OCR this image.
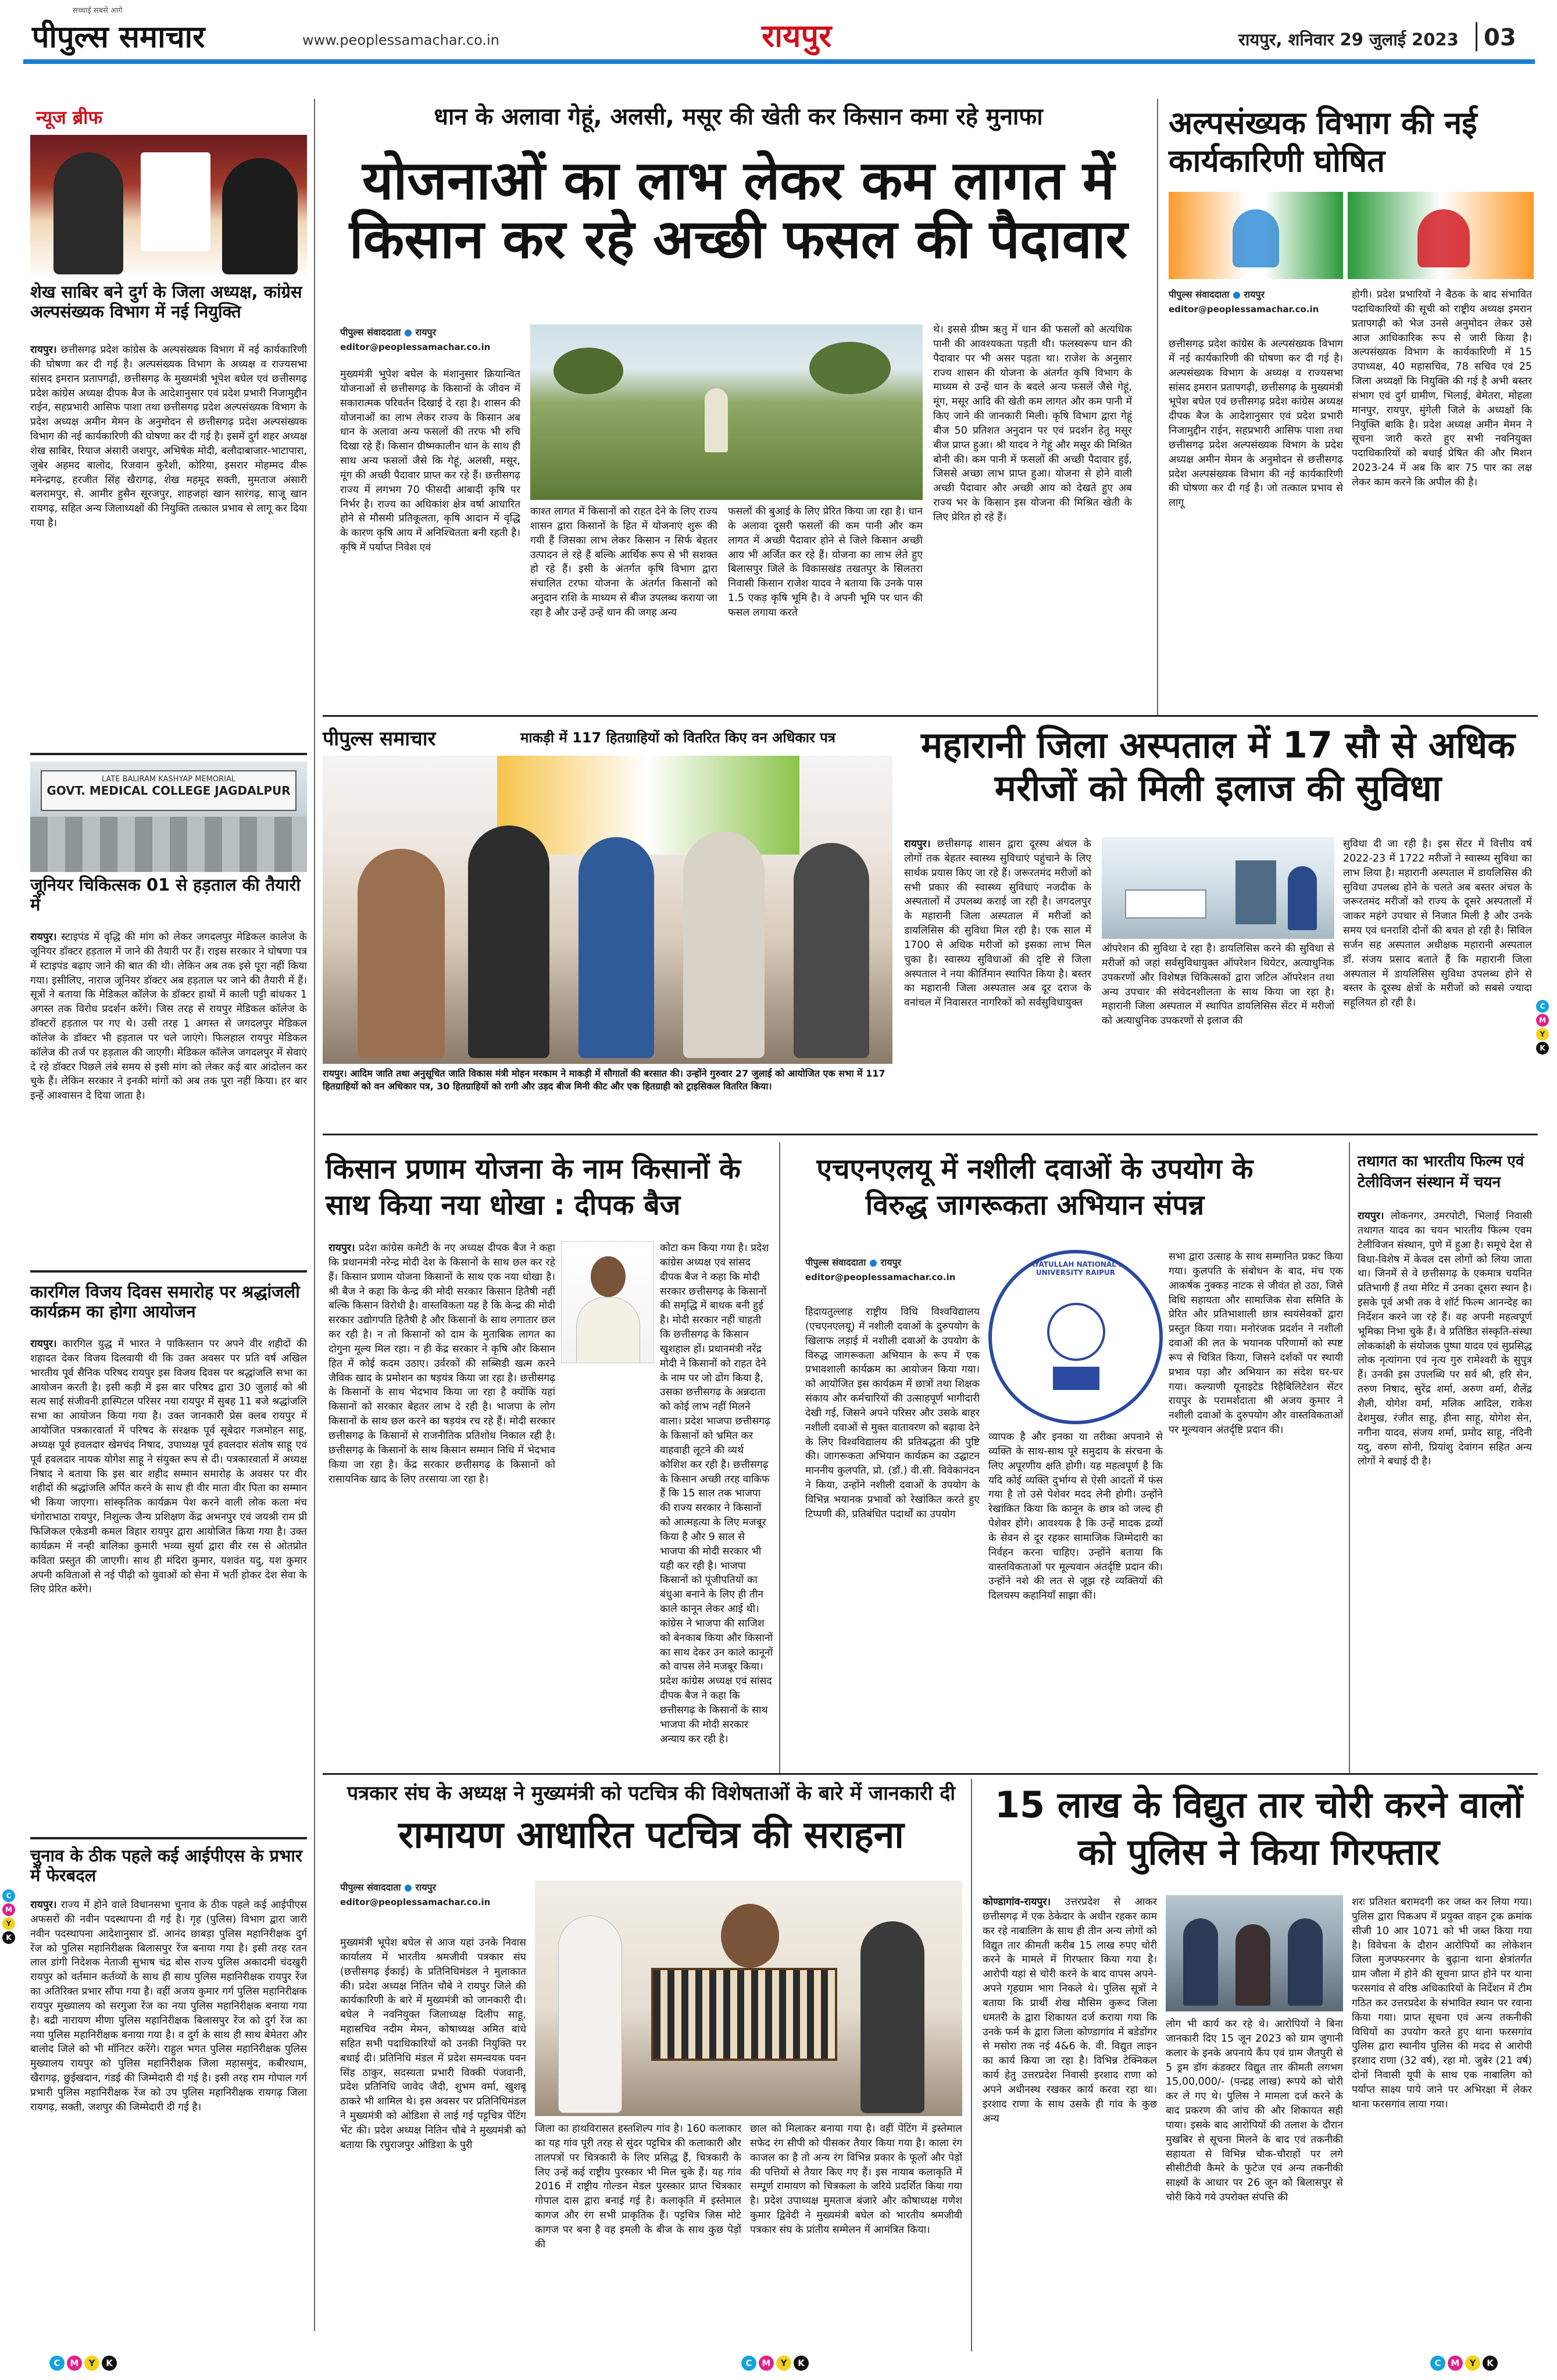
सच्चाई सबसे आगे
पीपुल्स समाचार	www.peoplessamachar.co.in	रायपुर	रायपुर, शनिवार 29 जुलाई 2023 03
न्यूज ब्रीफ
शेख साबिर बने दुर्ग के जिला अध्यक्ष, कांग्रेस अल्पसंख्यक विभाग में नई नियुक्ति
रायपुर। छत्तीसगढ़ प्रदेश कांग्रेस के अल्पसंख्यक विभाग में नई कार्यकारिणी की घोषणा कर दी गई है। अल्पसंख्यक विभाग के अध्यक्ष व राज्यसभा सांसद इमरान प्रतापगढ़ी, छत्तीसगढ़ के मुख्यमंत्री भूपेश बघेल एवं छत्तीसगढ़ प्रदेश कांग्रेस अध्यक्ष दीपक बैज के आदेशानुसार एवं प्रदेश प्रभारी निजामुद्दीन राईन, सहप्रभारी आसिफ पाशा तथा छत्तीसगढ़ प्रदेश अल्पसंख्यक विभाग के प्रदेश अध्यक्ष अमीन मेमन के अनुमोदन से छत्तीसगढ़ प्रदेश अल्पसंख्यक विभाग की नई कार्यकारिणी की घोषणा कर दी गई है। इसमें दुर्ग शहर अध्यक्ष शेख साबिर, रियाज अंसारी जशपुर, अभिषेक मोदी, बलौदाबाजार-भाटापारा, जुबेर अहमद बालोद, रिजवान कुरैशी, कोरिया, इसरार मोहम्मद वीरू मनेन्द्रगढ़, हरजीत सिंह खैरागढ़, शेख महमूद सक्ती, मुमताज अंसारी बलरामपुर, से. आमीर हुसैन सूरजपुर, शाहजहां खान सारंगढ़, साजू खान रायगढ़, सहित अन्य जिलाध्यक्षों की नियुक्ति तत्काल प्रभाव से लागू कर दिया गया है।
LATE BALIRAM KASHYAP MEMORIAL
GOVT. MEDICAL COLLEGE JAGDALPUR
जूनियर चिकित्सक 01 से हड़ताल की तैयारी में
रायपुर। स्टाइपंड में वृद्धि की मांग को लेकर जगदलपुर मेडिकल कालेज के जूनियर डॉक्टर हड़ताल में जाने की तैयारी पर हैं। राइस सरकार ने घोषणा पत्र में स्टाइपंड बढ़ाए जाने की बात की थी। लेकिन अब तक इसे पूरा नहीं किया गया। इसीलिए, नाराज जूनियर डॉक्टर अब हड़ताल पर जाने की तैयारी में हैं। सूत्रों ने बताया कि मेडिकल कॉलेज के डॉक्टर हाथों में काली पट्टी बांधकर 1 अगस्त तक विरोध प्रदर्शन करेंगे। जिस तरह से रायपुर मेडिकल कॉलेज के डॉक्टरों हड़ताल पर गए थे। उसी तरह 1 अगस्त से जगदलपुर मेडिकल कॉलेज के डॉक्टर भी हड़ताल पर चले जाएंगे। फिलहाल रायपुर मेडिकल कॉलेज की तर्ज पर हड़ताल की जाएगी। मेडिकल कॉलेज जगदलपुर में सेवाएं दे रहे डॉक्टर पिछले लंबे समय से इसी मांग को लेकर कई बार आंदोलन कर चुके हैं। लेकिन सरकार ने इनकी मांगों को अब तक पूरा नहीं किया। हर बार इन्हें आश्वासन दे दिया जाता है।
कारगिल विजय दिवस समारोह पर श्रद्धांजली कार्यक्रम का होगा आयोजन
रायपुर। कारगिल युद्ध में भारत ने पाकिस्तान पर अपने वीर शहीदों की शहादत देकर विजय दिलवायी थी कि उक्त अवसर पर प्रति वर्ष अखिल भारतीय पूर्व सैनिक परिषद रायपुर इस विजय दिवस पर श्रद्धांजलि सभा का आयोजन करती है। इसी कड़ी में इस बार परिषद द्वारा 30 जुलाई को श्री सत्य साई संजीवनी हास्पिटल परिसर नया रायपुर में सुबह 11 बजे श्रद्धांजलि सभा का आयोजन किया गया है। उक्त जानकारी प्रेस क्लब रायपुर में आयोजित पत्रकारवार्ता में परिषद के संरक्षक पूर्व सूबेदार गजमोहन साहू, अध्यक्ष पूर्व हवलदार खेमचंद निषाद, उपाध्यक्ष पूर्व हवलदार संतोष साहू एवं पूर्व हवलदार नायक योगेश साहू ने संयुक्त रूप से दी। पत्रकारवार्ता में अध्यक्ष निषाद ने बताया कि इस बार शहीद सम्मान समारोह के अवसर पर वीर शहीदों की श्रद्धांजलि अर्पित करने के साथ ही वीर माता वीर पिता का सम्मान भी किया जाएगा। सांस्कृतिक कार्यक्रम पेश करने वाली लोक कला मंच चंगोराभाठा रायपुर, निशुल्क जैन्य प्रशिक्षण केंद्र अभनपुर एवं जयश्री राम प्री फिजिकल एकेडमी कमल विहार रायपुर द्वारा आयोजित किया गया है। उक्त कार्यक्रम में नन्ही बालिका कुमारी भव्या सुर्या द्वारा वीर रस से ओतप्रोत कविता प्रस्तुत की जाएगी। साथ ही मंदिरा कुमार, यशवंत यदु, यश कुमार अपनी कविताओं से नई पीढ़ी को युवाओं को सेना में भर्ती होकर देश सेवा के लिए प्रेरित करेंगे।
चुनाव के ठीक पहले कई आईपीएस के प्रभार में फेरबदल
रायपुर। राज्य में होने वाले विधानसभा चुनाव के ठीक पहले कई आईपीएस अफसरों की नवीन पदस्थापना दी गई है। गृह (पुलिस) विभाग द्वारा जारी नवीन पदस्थापना आदेशानुसार डॉ. आनंद छाबड़ा पुलिस महानिरीक्षक दुर्ग रेंज को पुलिस महानिरीक्षक बिलासपुर रेंज बनाया गया है। इसी तरह रतन लाल डांगी निदेशक नेताजी सुभाष चंद्र बोस राज्य पुलिस अकादमी चंदखुरी रायपुर को वर्तमान कर्तव्यों के साथ ही साथ पुलिस महानिरीक्षक रायपुर रेंज का अतिरिक्त प्रभार सौंपा गया है। वहीं अजय कुमार गर्ग पुलिस महानिरीक्षक रायपुर मुख्यालय को सरगुजा रेंज का नया पुलिस महानिरीक्षक बनाया गया है। बद्री नारायण मीणा पुलिस महानिरीक्षक बिलासपुर रेंज को दुर्ग रेंज का नया पुलिस महानिरीक्षक बनाया गया है। व दुर्ग के साथ ही साथ बेमेतरा और बालोद जिले को भी मॉनिटर करेंगे। राहुल भगत पुलिस महानिरीक्षक पुलिस मुख्यालय रायपुर को पुलिस महानिरीक्षक जिला महासमुंद, कबीरधाम, खैरागढ़, छुईखदान, गंडई की जिम्मेदारी दी गई है। इसी तरह राम गोपाल गर्ग प्रभारी पुलिस महानिरीक्षक रेंज को उप पुलिस महानिरीक्षक रायगढ़ जिला रायगढ़, सक्ती, जशपुर की जिम्मेदारी दी गई है।
धान के अलावा गेहूं, अलसी, मसूर की खेती कर किसान कमा रहे मुनाफा
योजनाओं का लाभ लेकर कम लागत में किसान कर रहे अच्छी फसल की पैदावार
पीपुल्स संवाददाता ● रायपुर
editor@peoplessamachar.co.in
मुख्यमंत्री भूपेश बघेल के मंशानुसार क्रियान्वित योजनाओं से छत्तीसगढ़ के किसानों के जीवन में सकारात्मक परिवर्तन दिखाई दे रहा है। शासन की योजनाओं का लाभ लेकर राज्य के किसान अब धान के अलावा अन्य फसलों की तरफ भी रुचि दिखा रहे हैं। किसान ग्रीष्मकालीन धान के साथ ही साथ अन्य फसलों जैसे कि गेहूं, अलसी, मसूर, मूंग की अच्छी पैदावार प्राप्त कर रहे हैं। छत्तीसगढ़ राज्य में लगभग 70 फीसदी आबादी कृषि पर निर्भर है। राज्य का अधिकांश क्षेत्र वर्षा आधारित होने से मौसमी प्रतिकूलता, कृषि आदान में वृद्धि के कारण कृषि आय में अनिश्चितता बनी रहती है। कृषि में पर्याप्त निवेश एवं
काश्त लागत में किसानों को राहत देने के लिए राज्य शासन द्वारा किसानों के हित में योजनाएं शुरू की गयी हैं जिसका लाभ लेकर किसान न सिर्फ बेहतर उत्पादन ले रहे हैं बल्कि आर्थिक रूप से भी सशक्त हो रहे हैं। इसी के अंतर्गत कृषि विभाग द्वारा संचालित टरफा योजना के अंतर्गत किसानों को अनुदान राशि के माध्यम से बीज उपलब्ध कराया जा रहा है और उन्हें उन्हें धान की जगह अन्य
फसलों की बुआई के लिए प्रेरित किया जा रहा है। धान के अलावा दूसरी फसलों की कम पानी और कम लागत में अच्छी पैदावार होने से जिले किसान अच्छी आय भी अर्जित कर रहे हैं। योजना का लाभ लेते हुए बिलासपुर जिले के विकासखंड तखतपुर के सिलतरा निवासी किसान राजेश यादव ने बताया कि उनके पास 1.5 एकड़ कृषि भूमि है। वे अपनी भूमि पर धान की फसल लगाया करते
थे। इससे ग्रीष्म ऋतु में धान की फसलों को अत्यधिक पानी की आवश्यकता पड़ती थी। फलस्वरूप धान की पैदावार पर भी असर पड़ता था। राजेश के अनुसार राज्य शासन की योजना के अंतर्गत कृषि विभाग के माध्यम से उन्हें धान के बदले अन्य फसलें जैसे गेहूं, मूंग, मसूर आदि की खेती कम लागत और कम पानी में किए जाने की जानकारी मिली। कृषि विभाग द्वारा गेहूं बीज 50 प्रतिशत अनुदान पर एवं प्रदर्शन हेतु मसूर बीज प्राप्त हुआ। श्री यादव ने गेहूं और मसूर की मिश्रित बोनी की। कम पानी में फसलों की अच्छी पैदावार हुई, जिससे अच्छा लाभ प्राप्त हुआ। योजना से होने वाली अच्छी पैदावार और अच्छी आय को देखते हुए अब राज्य भर के किसान इस योजना की मिश्रित खेती के लिए प्रेरित हो रहे हैं।
अल्पसंख्यक विभाग की नई कार्यकारिणी घोषित
पीपुल्स संवाददाता ● रायपुर
editor@peoplessamachar.co.in
छत्तीसगढ़ प्रदेश कांग्रेस के अल्पसंख्यक विभाग में नई कार्यकारिणी की घोषणा कर दी गई है। अल्पसंख्यक विभाग के अध्यक्ष व राज्यसभा सांसद इमरान प्रतापगढ़ी, छत्तीसगढ़ के मुख्यमंत्री भूपेश बघेल एवं छत्तीसगढ़ प्रदेश कांग्रेस अध्यक्ष दीपक बैज के आदेशानुसार एवं प्रदेश प्रभारी निजामुद्दीन राईन, सहप्रभारी आसिफ पाशा तथा छत्तीसगढ़ प्रदेश अल्पसंख्यक विभाग के प्रदेश अध्यक्ष अमीन मेमन के अनुमोदन से छत्तीसगढ़ प्रदेश अल्पसंख्यक विभाग की नई कार्यकारिणी की घोषणा कर दी गई है। जो तत्काल प्रभाव से लागू
होगी। प्रदेश प्रभारियों ने बैठक के बाद संभावित पदाधिकारियों की सूची को राष्ट्रीय अध्यक्ष इमरान प्रतापगढ़ी को भेज उनसे अनुमोदन लेकर उसे आज आधिकारिक रूप से जारी किया है। अल्पसंख्यक विभाग के कार्यकारिणी में 15 उपाध्यक्ष, 40 महासचिव, 78 सचिव एवं 25 जिला अध्यक्षों कि नियुक्ति की गई है अभी बस्तर संभाग एवं दुर्ग ग्रामीण, भिलाई, बेमेतरा, मोहला मानपुर, रायपुर, मुंगेली जिले के अध्यक्षों कि नियुक्ति बाकि है। प्रदेश अध्यक्ष अमीन मेमन ने सूचना जारी करते हुए सभी नवनियुक्त पदाधिकारियों को बधाई प्रेषित की और मिशन 2023-24 में अब कि बार 75 पार का लक्ष लेकर काम करने कि अपील की है।
पीपुल्स समाचार	माकड़ी में 117 हितग्राहियों को वितरित किए वन अधिकार पत्र
रायपुर। आदिम जाति तथा अनुसूचित जाति विकास मंत्री मोहन मरकाम ने माकड़ी में सौगातों की बरसात की। उन्होंने गुरुवार 27 जुलाई को आयोजित एक सभा में 117 हितग्राहियों को वन अधिकार पत्र, 30 हितग्राहियों को रागी और उड़द बीज मिनी कीट और एक हितग्राही को ट्राइसिकल वितरित किया।
महारानी जिला अस्पताल में 17 सौ से अधिक मरीजों को मिली इलाज की सुविधा
रायपुर। छत्तीसगढ़ शासन द्वारा दूरस्थ अंचल के लोगों तक बेहतर स्वास्थ्य सुविधाएं पहुंचाने के लिए सार्थक प्रयास किए जा रहे हैं। जरूरतमंद मरीजों को सभी प्रकार की स्वास्थ्य सुविधाएं नजदीक के अस्पतालों में उपलब्ध कराई जा रही है। जगदलपुर के महारानी जिला अस्पताल में मरीजों को डायलिसिस की सुविधा मिल रही है। एक साल में 1700 से अधिक मरीजों को इसका लाभ मिल चुका है। स्वास्थ्य सुविधाओं की दृष्टि से जिला अस्पताल ने नया कीर्तिमान स्थापित किया है। बस्तर का महारानी जिला अस्पताल अब दूर दराज के वनांचल में निवासरत नागरिकों को सर्वसुविधायुक्त
ऑपरेशन की सुविधा दे रहा है। डायलिसिस करने की सुविधा से मरीजों को जहां सर्वसुविधायुक्त ऑपरेशन थियेटर, अत्याधुनिक उपकरणों और विशेषज्ञ चिकित्सकों द्वारा जटिल ऑपरेशन तथा अन्य उपचार की संवेदनशीलता के साथ किया जा रहा है। महारानी जिला अस्पताल में स्थापित डायलिसिस सेंटर में मरीजों को अत्याधुनिक उपकरणों से इलाज की
सुविधा दी जा रही है। इस सेंटर में वित्तीय वर्ष 2022-23 में 1722 मरीजों ने स्वास्थ्य सुविधा का लाभ लिया है। महारानी अस्पताल में डायलिसिस की सुविधा उपलब्ध होने के चलते अब बस्तर अंचल के जरूरतमंद मरीजों को राज्य के दूसरे अस्पतालों में जाकर महंगे उपचार से निजात मिली है और उनके समय एवं धनराशि दोनों की बचत हो रही है। सिविल सर्जन सह अस्पताल अधीक्षक महारानी अस्पताल डॉ. संजय प्रसाद बताते हैं कि महारानी जिला अस्पताल में डायलिसिस सुविधा उपलब्ध होने से बस्तर के दूरस्थ क्षेत्रों के मरीजों को सबसे ज्यादा सहूलियत हो रही है।
किसान प्रणाम योजना के नाम किसानों के साथ किया नया धोखा : दीपक बैज
रायपुर। प्रदेश कांग्रेस कमेटी के नए अध्यक्ष दीपक बैज ने कहा कि प्रधानमंत्री नरेन्द्र मोदी देश के किसानों के साथ छल कर रहे हैं। किसान प्रणाम योजना किसानों के साथ एक नया धोखा है। श्री बैज ने कहा कि केन्द्र की मोदी सरकार किसान हितैषी नहीं बल्कि किसान विरोधी है। वास्तविकता यह है कि केन्द्र की मोदी सरकार उद्योगपति हितैषी है और किसानों के साथ लगातार छल कर रही है। न तो किसानों को दाम के मुताबिक लागत का दोगुना मूल्य मिल रहा। न ही केंद्र सरकार ने कृषि और किसान हित में कोई कदम उठाए। उर्वरकों की सब्सिडी खत्म करने जैविक खाद के प्रमोशन का षड़यंत्र किया जा रहा है। छत्तीसगढ़ के किसानों के साथ भेदभाव किया जा रहा है क्योंकि यहां किसानों को सरकार बेहतर लाभ दे रही है। भाजपा के लोग किसानों के साथ छल करने का षड़यंत्र रच रहे हैं। मोदी सरकार छत्तीसगढ़ के किसानों से राजनीतिक प्रतिशोध निकाल रही है। छत्तीसगढ़ के किसानों के साथ किसान सम्मान निधि में भेदभाव किया जा रहा है। केंद्र सरकार छत्तीसगढ़ के किसानों को रासायनिक खाद के लिए तरसाया जा रहा है।
कोटा कम किया गया है। प्रदेश कांग्रेस अध्यक्ष एवं सांसद दीपक बैज ने कहा कि मोदी सरकार छत्तीसगढ़ के किसानों की समृद्धि में बाधक बनी हुई है। मोदी सरकार नहीं चाहती कि छत्तीसगढ़ के किसान खुशहाल हों। प्रधानमंत्री नरेंद्र मोदी ने किसानों को राहत देने के नाम पर जो ढोंग किया है, उसका छत्तीसगढ़ के अन्नदाता को कोई लाभ नहीं मिलने वाला। प्रदेश भाजपा छत्तीसगढ़ के किसानों को भ्रमित कर वाहवाही लूटने की व्यर्थ कोशिश कर रही है। छत्तीसगढ़ के किसान अच्छी तरह वाकिफ हैं कि 15 साल तक भाजपा की राज्य सरकार ने किसानों को आत्महत्या के लिए मजबूर किया है और 9 साल से भाजपा की मोदी सरकार भी यही कर रही है। भाजपा किसानों को पूंजीपतियों का बंधुआ बनाने के लिए ही तीन काले कानून लेकर आई थी। कांग्रेस ने भाजपा की साजिश को बेनकाब किया और किसानों का साथ देकर उन काले कानूनों को वापस लेने मजबूर किया। प्रदेश कांग्रेस अध्यक्ष एवं सांसद दीपक बैज ने कहा कि छत्तीसगढ़ के किसानों के साथ भाजपा की मोदी सरकार अन्याय कर रही है।
एचएनएलयू में नशीली दवाओं के उपयोग के विरुद्ध जागरूकता अभियान संपन्न
पीपुल्स संवाददाता ● रायपुर
editor@peoplessamachar.co.in
हिदायतुल्लाह राष्ट्रीय विधि विश्वविद्यालय (एचएनएलयू) में नशीली दवाओं के दुरुपयोग के खिलाफ लड़ाई में नशीली दवाओं के उपयोग के विरुद्ध जागरूकता अभियान के रूप में एक प्रभावशाली कार्यक्रम का आयोजन किया गया। को आयोजित इस कार्यक्रम में छात्रों तथा शिक्षक संकाय और कर्मचारियों की उत्साहपूर्ण भागीदारी देखी गई, जिसने अपने परिसर और उसके बाहर नशीली दवाओं से मुक्त वातावरण को बढ़ावा देने के लिए विश्वविद्यालय की प्रतिबद्धता की पुष्टि की। जागरूकता अभियान कार्यक्रम का उद्घाटन माननीय कुलपति, प्रो. (डॉ.) वी.सी. विवेकानंदन ने किया, उन्होंने नशीली दवाओं के उपयोग के विभिन्न भयानक प्रभावों को रेखांकित करते हुए टिप्पणी की, प्रतिबंधित पदार्थों का उपयोग
HIDAYATULLAH NATIONAL LAW UNIVERSITY RAIPUR
व्यापक है और इनका या तरीका अपनाने से व्यक्ति के साथ-साथ पूरे समुदाय के संरचना के लिए अपूरणीय क्षति होगी। यह महत्वपूर्ण है कि यदि कोई व्यक्ति दुर्भाग्य से ऐसी आदतों में फंस गया है तो उसे पेशेवर मदद लेनी होगी। उन्होंने रेखांकित किया कि कानून के छात्र को जल्द ही पेशेवर होंगे। आवश्यक है कि उन्हें मादक द्रव्यों के सेवन से दूर रहकर सामाजिक जिम्मेदारी का निर्वहन करना चाहिए। उन्होंने बताया कि वास्तविकताओं पर मूल्यवान अंतर्दृष्टि प्रदान की। उन्होंने नशे की लत से जूझ रहे व्यक्तियों की दिलचस्प कहानियाँ साझा कीं।
सभा द्वारा उत्साह के साथ सम्मानित प्रकट किया गया। कुलपति के संबोधन के बाद, मंच एक आकर्षक नुक्कड़ नाटक से जीवंत हो उठा, जिसे विधि सहायता और सामाजिक सेवा समिति के प्रेरित और प्रतिभाशाली छात्र स्वयंसेवकों द्वारा प्रस्तुत किया गया। मनोरंजक प्रदर्शन ने नशीली दवाओं की लत के भयानक परिणामों को स्पष्ट रूप से चित्रित किया, जिसने दर्शकों पर स्थायी प्रभाव पड़ा और अभियान का संदेश घर-घर गया। कल्याणी यूनाइटेड रिहैबिलिटेशन सेंटर रायपुर के परामर्शदाता श्री अजय कुमार ने नशीली दवाओं के दुरुपयोग और वास्तविकताओं पर मूल्यवान अंतर्दृष्टि प्रदान की।
तथागत का भारतीय फिल्म एवं टेलीविजन संस्थान में चयन
रायपुर। लोकनगर, उमरपोटी, भिलाई निवासी तथागत यादव का चयन भारतीय फिल्म एवम टेलीविजन संस्थान, पुणे में हुआ है। समूचे देश से विधा-विशेष में केवल दस लोगों को लिया जाता था। जिनमें से वे छत्तीसगढ़ के एकमात्र चयनित प्रतिभागी हैं तथा मेरिट में उनका दूसरा स्थान है। इसके पूर्व अभी तक वे शॉर्ट फिल्म आनन्देह का निर्देशन करने जा रहे हैं। वह अपनी महत्वपूर्ण भूमिका निभा चुके हैं। वे प्रतिष्ठित संस्कृति-संस्था लोककांक्षी के संयोजक पुष्पा यादव एवं सुप्रसिद्ध लोक नृत्यांगना एवं नृत्य गुरु रामेश्वरी के सुपुत्र हैं। उनकी इस उपलब्धि पर सर्व श्री, हरि सेन, तरुण निषाद, सुरेंद्र शर्मा, अरुण वर्मा, शैलेंद्र शैली, योगेश वर्मा, मलिक आदिल, राकेश देशमुख, रंजीत साहू, हीना साहू, योगेश सेन, नगीना यादव, संजय शर्मा, प्रमोद साहू, नंदिनी यदु, वरुण सोनी, प्रियांशु देवांगन सहित अन्य लोगों ने बधाई दी है।
पत्रकार संघ के अध्यक्ष ने मुख्यमंत्री को पटचित्र की विशेषताओं के बारे में जानकारी दी
रामायण आधारित पटचित्र की सराहना
पीपुल्स संवाददाता ● रायपुर
editor@peoplessamachar.co.in
मुख्यमंत्री भूपेश बघेल से आज यहां उनके निवास कार्यालय में भारतीय श्रमजीवी पत्रकार संघ (छत्तीसगढ़ ईकाई) के प्रतिनिधिमंडल ने मुलाकात की। प्रदेश अध्यक्ष नितिन चौबे ने रायपुर जिले की कार्यकारिणी के बारे में मुख्यमंत्री को जानकारी दी। बघेल ने नवनियुक्त जिलाध्यक्ष दिलीप साहू, महासचिव नदीम मेमन, कोषाध्यक्ष अमित बांधे सहित सभी पदाधिकारियों को उनकी नियुक्ति पर बधाई दी। प्रतिनिधि मंडल में प्रदेश समन्वयक पवन सिंह ठाकुर, सदस्यता प्रभारी विक्की पंजवानी, प्रदेश प्रतिनिधि जावेद जैदी, शुभम वर्मा, खुशबू ठाकरे भी शामिल थे। इस अवसर पर प्रतिनिधिमंडल ने मुख्यमंत्री को ओडिशा से लाई गई पट्टचित्र पेंटिंग भेंट की। प्रदेश अध्यक्ष नितिन चौबे ने मुख्यमंत्री को बताया कि रघुराजपुर ओडिशा के पुरी
जिला का हाथविरासत हस्तशिल्प गांव है। 160 कलाकार का यह गांव पूरी तरह से सुंदर पट्टचित्र की कलाकारी और तालपत्रों पर चित्रकारी के लिए प्रसिद्ध हैं, चित्रकारी के लिए उन्हें कई राष्ट्रीय पुरस्कार भी मिल चुके हैं। यह गांव 2016 में राष्ट्रीय गोल्डन मेडल पुरस्कार प्राप्त चित्रकार गोपाल दास द्वारा बनाई गई है। कलाकृति में इस्तेमाल कागज और रंग सभी प्राकृतिक हैं। पट्टचित्र जिस मोटे कागज पर बना है वह इमली के बीज के साथ कुछ पेड़ों की
छाल को मिलाकर बनाया गया है। वहीं पेंटिंग में इस्तेमाल सफेद रंग सीपी को पीसकर तैयार किया गया है। काला रंग काजल का है तो अन्य रंग विभिन्न प्रकार के फूलों और पेड़ों की पत्तियों से तैयार किए गए हैं। इस नायाब कलाकृति में सम्पूर्ण रामायण को चित्रकला के जरिये प्रदर्शित किया गया है। प्रदेश उपाध्यक्ष मुमताज बंजारे और कोषाध्यक्ष गणेश कुमार द्विवेदी ने मुख्यमंत्री बघेल को भारतीय श्रमजीवी पत्रकार संघ के प्रांतीय सम्मेलन में आमंत्रित किया।
15 लाख के विद्युत तार चोरी करने वालों को पुलिस ने किया गिरफ्तार
कोण्डागांव-रायपुर। उत्तरप्रदेश से आकर छत्तीसगढ़ में एक ठेकेदार के अधीन रहकर काम कर रहे नाबालिग के साथ ही तीन अन्य लोगों को विद्युत तार कीमती करीब 15 लाख रुपए चोरी करने के मामले में गिरफ्तार किया गया है। आरोपी यहां से चोरी करने के बाद वापस अपने-अपने गृहग्राम भाग निकले थे। पुलिस सूत्रों ने बताया कि प्रार्थी शेख मौसिम कुरूद जिला धमतरी के द्वारा शिकायत दर्ज कराया गया कि उनके फर्म के द्वारा जिला कोण्डागांव में बडेडोंगर से मसोरा तक नई 4&6 के. वी. विद्युत लाइन का कार्य किया जा रहा है। विभिन्न टेक्निकल कार्य हेतु उत्तरप्रदेश निवासी इरशाद राणा को अपने अधीनस्थ रखकर कार्य करवा रहा था। इरशाद राणा के साथ उसके ही गांव के कुछ अन्य
लोग भी कार्य कर रहे थे। आरोपियों ने बिना जानकारी दिए 15 जून 2023 को ग्राम जुगानी कलार के इनके अपनाये कैंप एवं ग्राम जैतपुरी से 5 ड्रम डॉग कंडक्टर विद्युत तार कीमती लगभग 15,00,000/- (पन्द्रह लाख) रूपये को चोरी कर ले गए थे। पुलिस ने मामला दर्ज करने के बाद प्रकरण की जांच की और शिकायत सही पाया। इसके बाद आरोपियों की तलाश के दौरान मुखबिर से सूचना मिलने के बाद एवं तकनीकी सहायता से विभिन्न चौक-चौराहों पर लगे सीसीटीवी कैमरे के फुटेज एवं अन्य तकनीकी साक्ष्यों के आधार पर 26 जून को बिलासपुर से चोरी किये गये उपरोक्त संपत्ति की
शरः प्रतिशत बरामदगी कर जब्त कर लिया गया। पुलिस द्वारा पिकअप में प्रयुक्त वाहन ट्रक क्रमांक सीजी 10 आर 1071 को भी जब्त किया गया है। विवेचना के दौरान आरोपियों का लोकेशन जिला मुजफ्फरनगर के बुढ़ाना थाना क्षेत्रांतर्गत ग्राम जौला में होने की सूचना प्राप्त होने पर थाना फरसगांव से वरिष्ठ अधिकारियों के निर्देशन में टीम गठित कर उत्तरप्रदेश के संभावित स्थान पर रवाना किया गया। प्राप्त सूचना एवं अन्य तकनीकी विधियों का उपयोग करते हुए थाना फरसगांव पुलिस द्वारा स्थानीय पुलिस की मदद से आरोपी इरशाद राणा (32 वर्ष), रहा मो. जुबेर (21 वर्ष) दोनों निवासी यूपी के साथ एक नाबालिग को पर्याप्त साक्ष्य पाये जाने पर अभिरक्षा में लेकर थाना फरसगांव लाया गया।
C
M
Y
K
C
M
Y
K
C	M	Y	K	C	M	Y	K	C	M	Y	K
